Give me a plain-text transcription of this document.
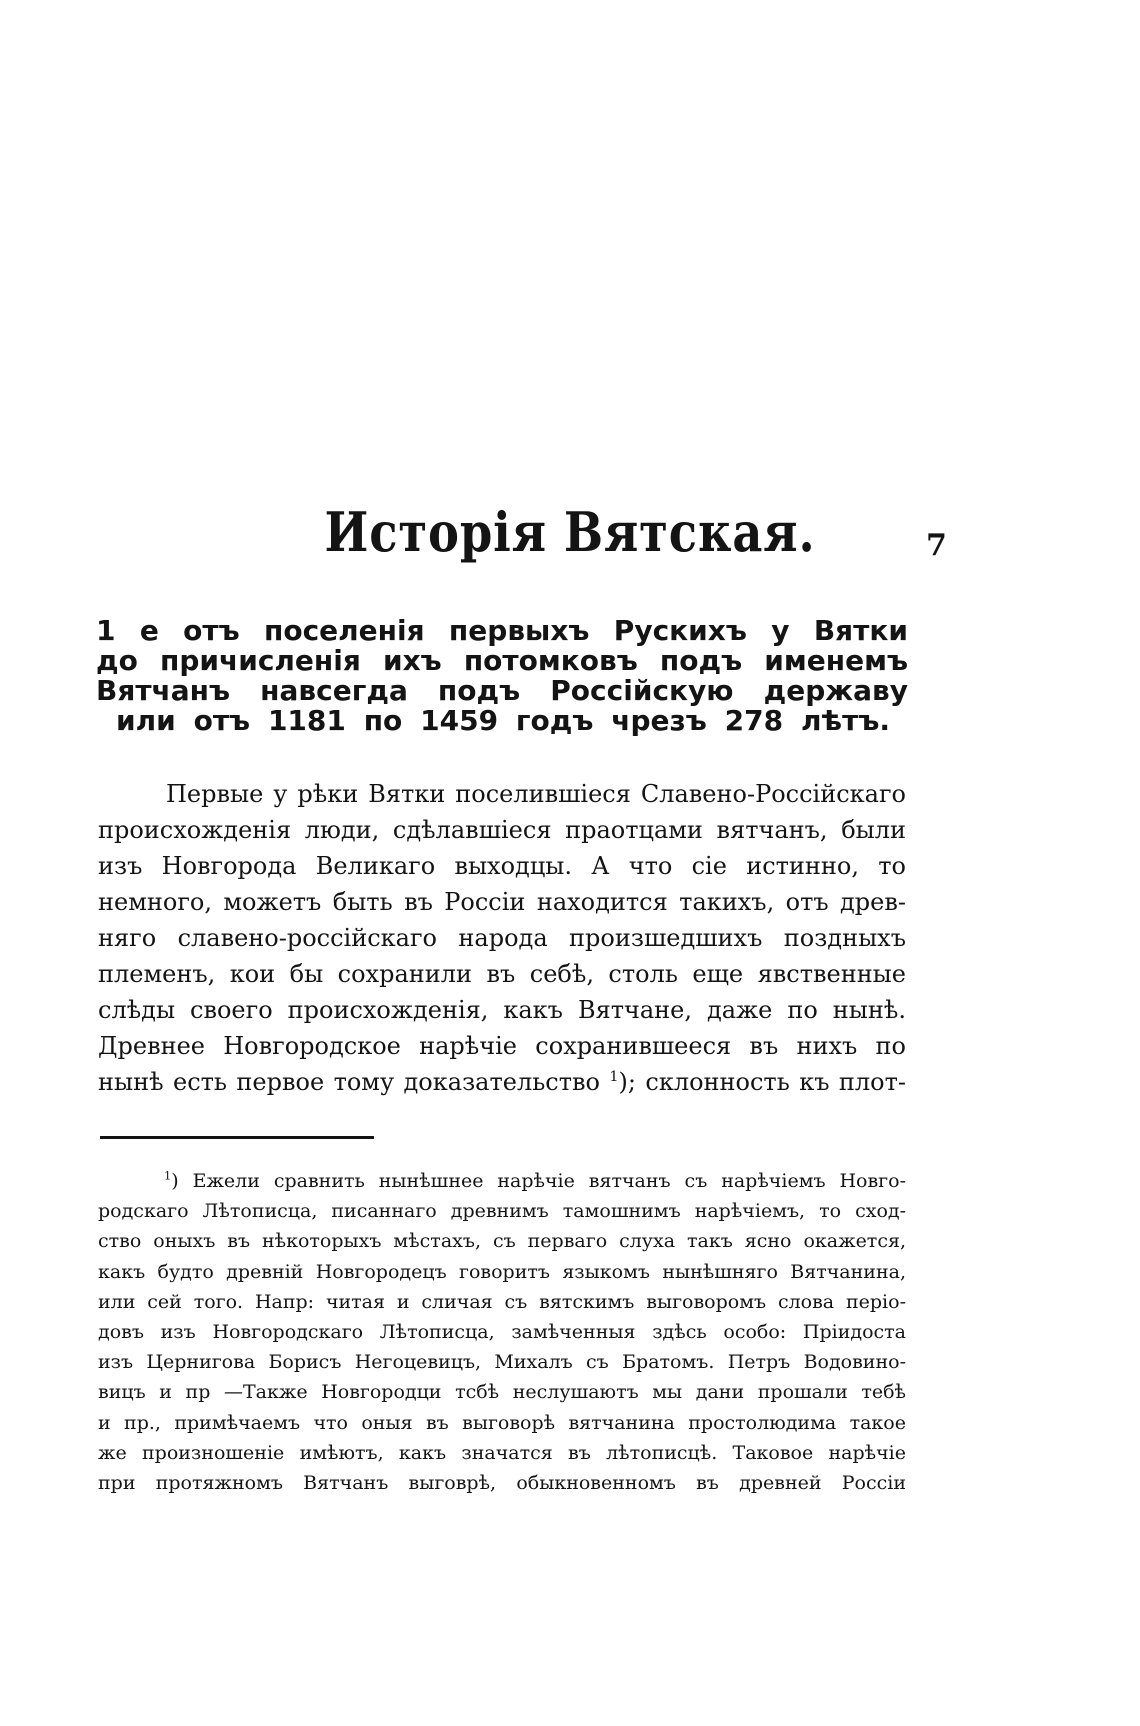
Исторія Вятская.	7
1 е отъ поселенія первыхъ Рускихъ у Вятки
до причисленія ихъ потомковъ подъ именемъ
Вятчанъ навсегда подъ Россійскую державу
или отъ 1181 по 1459 годъ чрезъ 278 лѣтъ.
Первые у рѣки Вятки поселившіеся Славено-Россійскаго
происхожденія люди, сдѣлавшіеся праотцами вятчанъ, были
изъ Новгорода Великаго выходцы. А что сіе истинно, то
немного, можетъ быть въ Россіи находится такихъ, отъ древ-
няго славено-россійскаго народа произшедшихъ поздныхъ
племенъ, кои бы сохранили въ себѣ, столь еще явственные
слѣды своего происхожденія, какъ Вятчане, даже по нынѣ.
Древнее Новгородское нарѣчіе сохранившееся въ нихъ по
нынѣ есть первое тому доказательство $^1$); склонность къ плот-
$^1$) Ежели сравнить нынѣшнее нарѣчіе вятчанъ съ нарѣчіемъ Новго-
родскаго Лѣтописца, писаннаго древнимъ тамошнимъ нарѣчіемъ, то сход-
ство оныхъ въ нѣкоторыхъ мѣстахъ, съ перваго слуха такъ ясно окажется,
какъ будто древній Новгородецъ говоритъ языкомъ нынѣшняго Вятчанина,
или сей того. Напр: читая и сличая съ вятскимъ выговоромъ слова періо-
довъ изъ Новгородскаго Лѣтописца, замѣченныя здѣсь особо: Пріидоста
изъ Цернигова Борисъ Негоцевицъ, Михалъ съ Братомъ. Петръ Водовино-
вицъ и пр —Также Новгородци тсбѣ неслушаютъ мы дани прошали тебѣ
и пр., примѣчаемъ что оныя въ выговорѣ вятчанина простолюдима такое
же произношеніе имѣютъ, какъ значатся въ лѣтописцѣ. Таковое нарѣчіе
при протяжномъ Вятчанъ выговрѣ, обыкновенномъ въ древней Россіи
